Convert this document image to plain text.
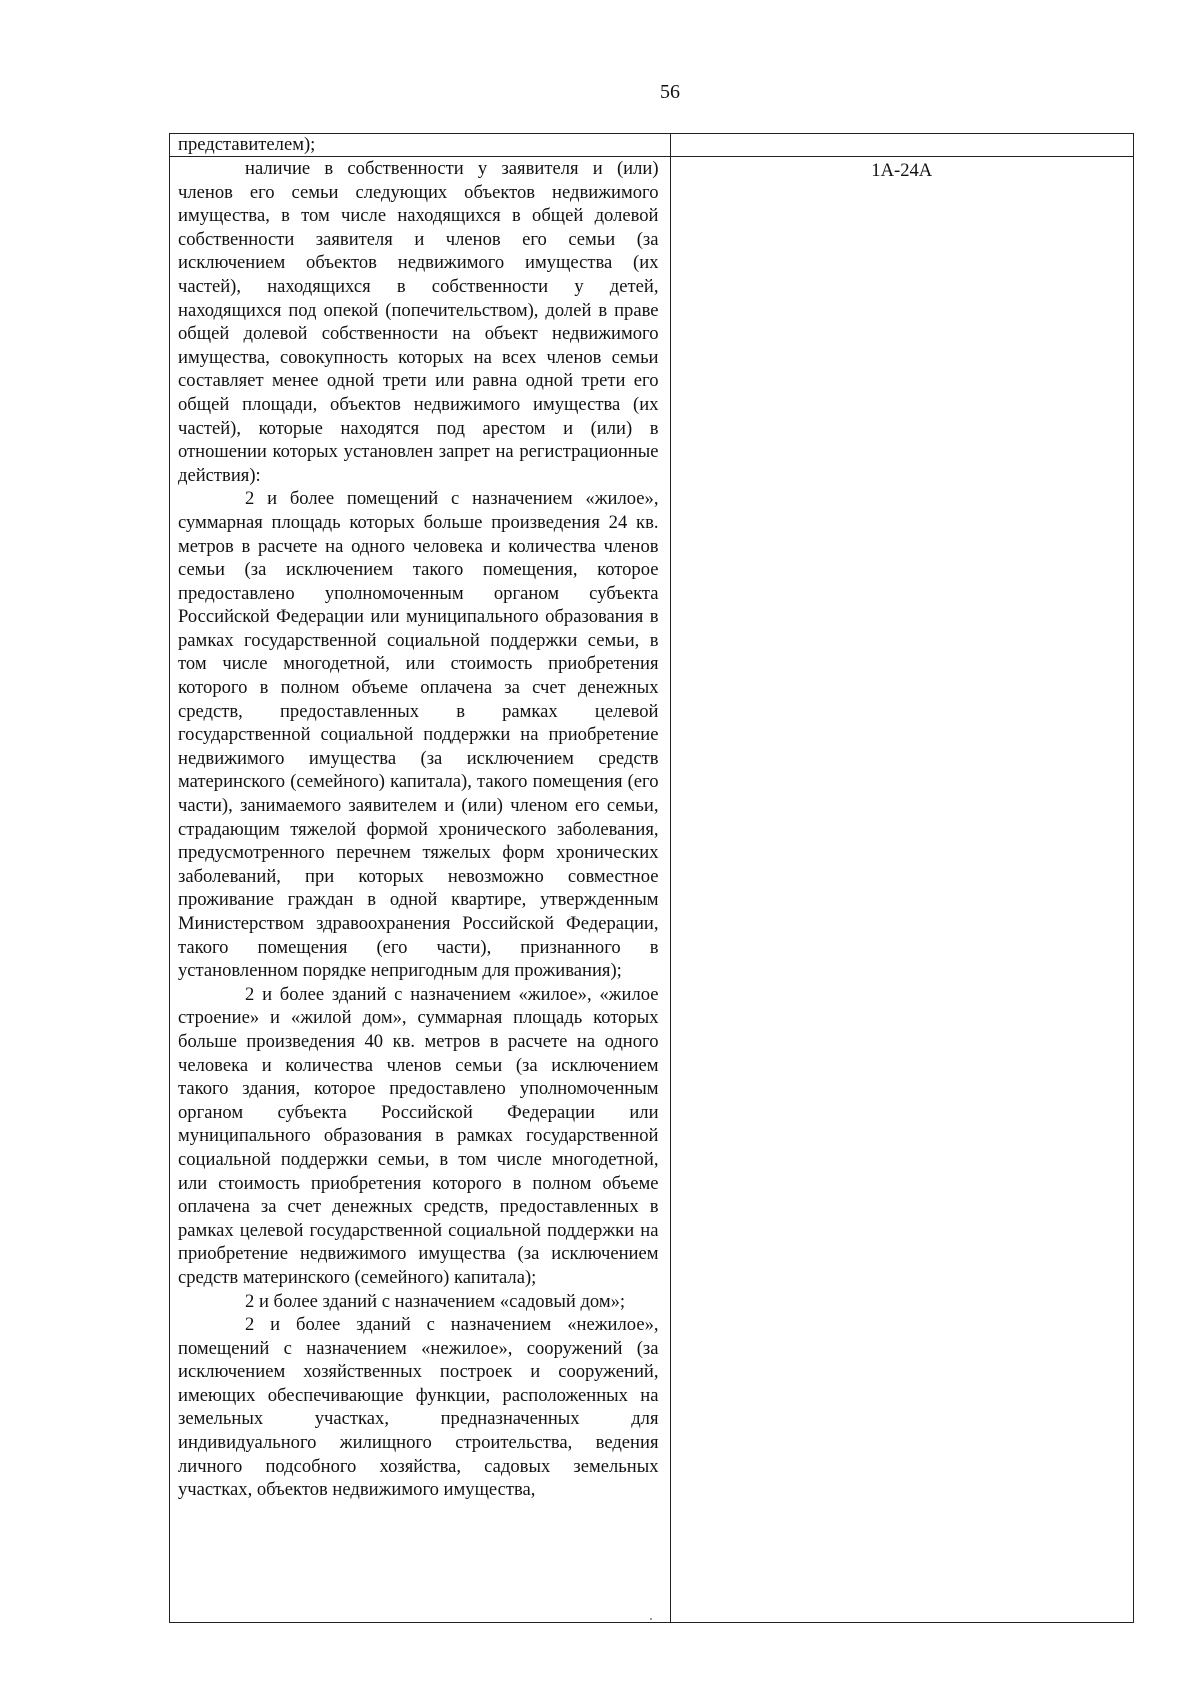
56
представителем);	

наличие в собственности у заявителя и (или) членов его семьи следующих объектов недвижимого имущества, в том числе находящихся в общей долевой собственности заявителя и членов его семьи (за исключением объектов недвижимого имущества (их частей), находящихся в собственности у детей, находящихся под опекой (попечительством), долей в праве общей долевой собственности на объект недвижимого имущества, совокупность которых на всех членов семьи составляет менее одной трети или равна одной трети его общей площади, объектов недвижимого имущества (их частей), которые находятся под арестом и (или) в отношении которых установлен запрет на регистрационные действия):

2 и более помещений с назначением «жилое», суммарная площадь которых больше произведения 24 кв. метров в расчете на одного человека и количества членов семьи (за исключением такого помещения, которое предоставлено уполномоченным органом субъекта Российской Федерации или муниципального образования в рамках государственной социальной поддержки семьи, в том числе многодетной, или стоимость приобретения которого в полном объеме оплачена за счет денежных средств, предоставленных в рамках целевой государственной социальной поддержки на приобретение недвижимого имущества (за исключением средств материнского (семейного) капитала), такого помещения (его части), занимаемого заявителем и (или) членом его семьи, страдающим тяжелой формой хронического заболевания, предусмотренного перечнем тяжелых форм хронических заболеваний, при которых невозможно совместное проживание граждан в одной квартире, утвержденным Министерством здравоохранения Российской Федерации, такого помещения (его части), признанного в установленном порядке непригодным для проживания);

2 и более зданий с назначением «жилое», «жилое строение» и «жилой дом», суммарная площадь которых больше произведения 40 кв. метров в расчете на одного человека и количества членов семьи (за исключением такого здания, которое предоставлено уполномоченным органом субъекта Российской Федерации или муниципального образования в рамках государственной социальной поддержки семьи, в том числе многодетной, или стоимость приобретения которого в полном объеме оплачена за счет денежных средств, предоставленных в рамках целевой государственной социальной поддержки на приобретение недвижимого имущества (за исключением средств материнского (семейного) капитала);

2 и более зданий с назначением «садовый дом»;

2 и более зданий с назначением «нежилое», помещений с назначением «нежилое», сооружений (за исключением хозяйственных построек и сооружений, имеющих обеспечивающие функции, расположенных на земельных участках, предназначенных для индивидуального жилищного строительства, ведения личного подсобного хозяйства, садовых земельных участках, объектов недвижимого имущества,	1А-24А
